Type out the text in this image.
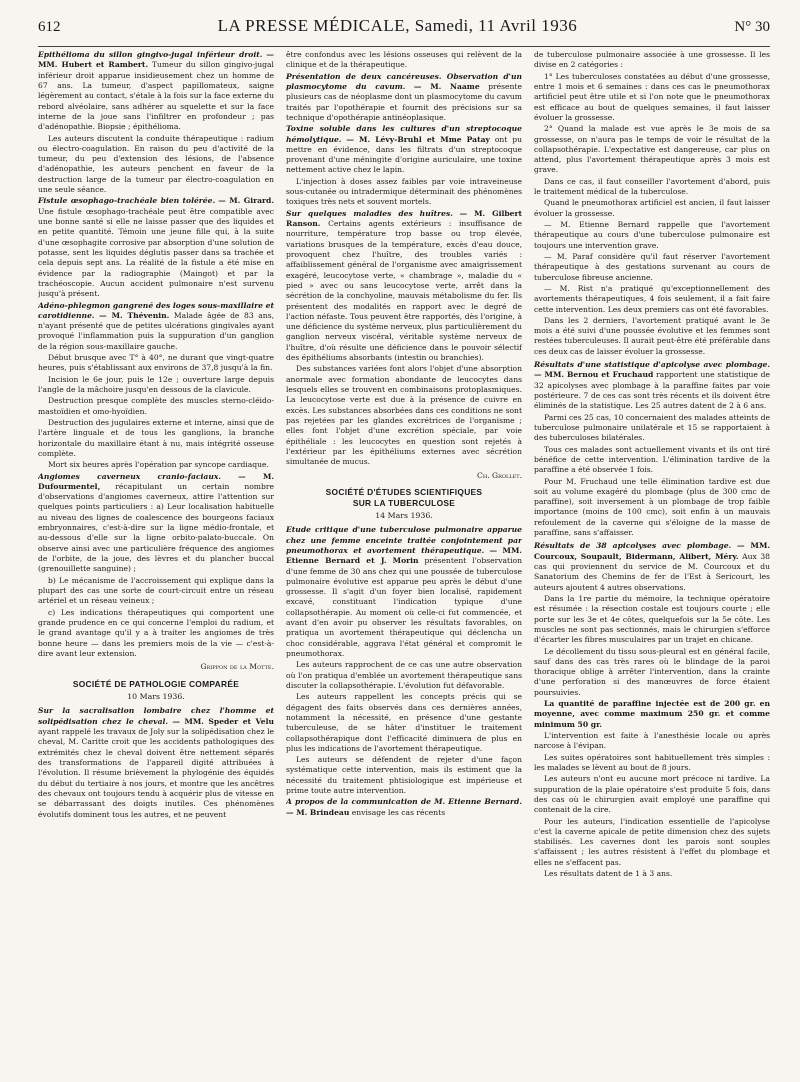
612	LA PRESSE MÉDICALE, Samedi, 11 Avril 1936	N° 30

Epithélioma du sillon gingivo-jugal inférieur droit. — MM. Hubert et Rambert. Tumeur du sillon gingivo-jugal inférieur droit apparue insidieusement chez un homme de 67 ans. La tumeur, d'aspect papillomateux, saigne légèrement au contact, s'étale à la fois sur la face externe du rebord alvéolaire, sans adhérer au squelette et sur la face interne de la joue sans l'infiltrer en profondeur ; pas d'adénopathie. Biopsie ; épithélioma.

Les auteurs discutent la conduite thérapeutique : radium ou électro-coagulation. En raison du peu d'activité de la tumeur, du peu d'extension des lésions, de l'absence d'adénopathie, les auteurs penchent en faveur de la destruction large de la tumeur par électro-coagulation en une seule séance.

Fistule œsophago-trachéale bien tolérée. — M. Girard. Une fistule œsophago-trachéale peut être compatible avec une bonne santé si elle ne laisse passer que des liquides et en petite quantité. Témoin une jeune fille qui, à la suite d'une œsophagite corrosive par absorption d'une solution de potasse, sent les liquides déglutis passer dans sa trachée et cela depuis sept ans. La réalité de la fistule a été mise en évidence par la radiographie (Maingot) et par la trachéoscopie. Aucun accident pulmonaire n'est survenu jusqu'à présent.

Adéno-phlegmon gangrené des loges sous-maxillaire et carotidienne. — M. Thévenin. Malade âgée de 83 ans, n'ayant présenté que de petites ulcérations gingivales ayant provoqué l'inflammation puis la suppuration d'un ganglion de la région sous-maxillaire gauche.

Début brusque avec T° à 40°, ne durant que vingt-quatre heures, puis s'établissant aux environs de 37,8 jusqu'à la fin.

Incision le 6e jour, puis le 12e ; ouverture large depuis l'angle de la mâchoire jusqu'en dessous de la clavicule.

Destruction presque complète des muscles sterno-cléido-mastoïdien et omo-hyoïdien.

Destruction des jugulaires externe et interne, ainsi que de l'artère linguale et de tous les ganglions, la branche horizontale du maxillaire étant à nu, mais intégrité osseuse complète.

Mort six heures après l'opération par syncope cardiaque.

Angiomes caverneux cranio-faciaux. — M. Dufourmentel, récapitulant un certain nombre d'observations d'angiomes caverneux, attire l'attention sur quelques points particuliers : a) Leur localisation habituelle au niveau des lignes de coalescence des bourgeons faciaux embryonnaires, c'est-à-dire sur la ligne médio-frontale, et au-dessous d'elle sur la ligne orbito-palato-buccale. On observe ainsi avec une particulière fréquence des angiomes de l'orbite, de la joue, des lèvres et du plancher buccal (grenouillette sanguine) ;

b) Le mécanisme de l'accroissement qui explique dans la plupart des cas une sorte de court-circuit entre un réseau artériel et un réseau veineux ;

c) Les indications thérapeutiques qui comportent une grande prudence en ce qui concerne l'emploi du radium, et le grand avantage qu'il y a à traiter les angiomes de très bonne heure — dans les premiers mois de la vie — c'est-à-dire avant leur extension.

Grippon de la Motte.
SOCIÉTÉ DE PATHOLOGIE COMPARÉE
10 Mars 1936.

Sur la sacralisation lombaire chez l'homme et solipédisation chez le cheval. — MM. Speder et Velu ayant rappelé les travaux de Joly sur la solipédisation chez le cheval, M. Caritte croit que les accidents pathologiques des extrémités chez le cheval doivent être nettement séparés des transformations de l'appareil digité attribuées à l'évolution. Il résume brièvement la phylogénie des équidés du début du tertiaire à nos jours, et montre que les ancêtres des chevaux ont toujours tendu à acquérir plus de vitesse en se débarrassant des doigts inutiles. Ces phénomènes évolutifs dominent tous les autres, et ne peuvent

être confondus avec les lésions osseuses qui relèvent de la clinique et de la thérapeutique.

Présentation de deux cancéreuses. Observation d'un plasmocytome du cavum. — M. Naame présente plusieurs cas de néoplasme dont un plasmocytome du cavum traités par l'opothérapie et fournit des précisions sur sa technique d'opothérapie antinéoplasique.

Toxine soluble dans les cultures d'un streptocoque hémolytique. — M. Lévy-Bruhl et Mme Patay ont pu mettre en évidence, dans les filtrats d'un streptocoque provenant d'une méningite d'origine auriculaire, une toxine nettement active chez le lapin.

L'injection à doses assez faibles par voie intraveineuse sous-cutanée ou intradermique déterminait des phénomènes toxiques très nets et souvent mortels.

Sur quelques maladies des huîtres. — M. Gilbert Ranson. Certains agents extérieurs : insuffisance de nourriture, température trop basse ou trop élevée, variations brusques de la température, excès d'eau douce, provoquent chez l'huître, des troubles variés : affaiblissement général de l'organisme avec amaigrissement exagéré, leucocytose verte, « chambrage », maladie du « pied » avec ou sans leucocytose verte, arrêt dans la sécrétion de la conchyoline, mauvais métabolisme du fer. Ils présentent des modalités en rapport avec le degré de l'action néfaste. Tous peuvent être rapportés, dès l'origine, à une déficience du système nerveux, plus particulièrement du ganglion nerveux viscéral, véritable système nerveux de l'huître, d'où résulte une déficience dans le pouvoir sélectif des épithéliums absorbants (intestin ou branchies).

Des substances variées font alors l'objet d'une absorption anormale avec formation abondante de leucocytes dans lesquels elles se trouvent en combinaisons protoplasmiques. La leucocytose verte est due à la présence de cuivre en excès. Les substances absorbées dans ces conditions ne sont pas rejetées par les glandes excrétrices de l'organisme ; elles font l'objet d'une excrétion spéciale, par voie épithéliale : les leucocytes en question sont rejetés à l'extérieur par les épithéliums externes avec sécrétion simultanée de mucus.

Ch. Grollet.
SOCIÉTÉ D'ÉTUDES SCIENTIFIQUES
SUR LA TUBERCULOSE
14 Mars 1936.

Etude critique d'une tuberculose pulmonaire apparue chez une femme enceinte traitée conjointement par pneumothorax et avortement thérapeutique. — MM. Etienne Bernard et J. Morin présentent l'observation d'une femme de 30 ans chez qui une poussée de tuberculose pulmonaire évolutive est apparue peu après le début d'une grossesse. Il s'agit d'un foyer bien localisé, rapidement excavé, constituant l'indication typique d'une collapsothérapie. Au moment où celle-ci fut commencée, et avant d'en avoir pu observer les résultats favorables, on pratiqua un avortement thérapeutique qui déclencha un choc considérable, aggrava l'état général et compromit le pneumothorax.

Les auteurs rapprochent de ce cas une autre observation où l'on pratiqua d'emblée un avortement thérapeutique sans discuter la collapsothérapie. L'évolution fut défavorable.

Les auteurs rappellent les concepts précis qui se dégagent des faits observés dans ces dernières années, notamment la nécessité, en présence d'une gestante tuberculeuse, de se hâter d'instituer le traitement collapsothérapique dont l'efficacité diminuera de plus en plus les indications de l'avortement thérapeutique.

Les auteurs se défendent de rejeter d'une façon systématique cette intervention, mais ils estiment que la nécessité du traitement phtisiologique est impérieuse et prime toute autre intervention.

A propos de la communication de M. Etienne Bernard. — M. Brindeau envisage les cas récents

de tuberculose pulmonaire associée à une grossesse. Il les divise en 2 catégories :

1° Les tuberculoses constatées au début d'une grossesse, entre 1 mois et 6 semaines : dans ces cas le pneumothorax artificiel peut être utile et si l'on note que le pneumothorax est efficace au bout de quelques semaines, il faut laisser évoluer la grossesse.

2° Quand la malade est vue après le 3e mois de sa grossesse, on n'aura pas le temps de voir le résultat de la collapsothérapie. L'expectative est dangereuse, car plus on attend, plus l'avortement thérapeutique après 3 mois est grave.

Dans ce cas, il faut conseiller l'avortement d'abord, puis le traitement médical de la tuberculose.

Quand le pneumothorax artificiel est ancien, il faut laisser évoluer la grossesse.

— M. Etienne Bernard rappelle que l'avortement thérapeutique au cours d'une tuberculose pulmonaire est toujours une intervention grave.

— M. Paraf considère qu'il faut réserver l'avortement thérapeutique à des gestations survenant au cours de tuberculose fibreuse ancienne.

— M. Rist n'a pratiqué qu'exceptionnellement des avortements thérapeutiques, 4 fois seulement, il a fait faire cette intervention. Les deux premiers cas ont été favorables.

Dans les 2 derniers, l'avortement pratiqué avant le 3e mois a été suivi d'une poussée évolutive et les femmes sont restées tuberculeuses. Il aurait peut-être été préférable dans ces deux cas de laisser évoluer la grossesse.

Résultats d'une statistique d'apicolyse avec plombage. — MM. Bernou et Fruchaud rapportent une statistique de 32 apicolyses avec plombage à la paraffine faites par voie postérieure. 7 de ces cas sont très récents et ils doivent être éliminés de la statistique. Les 25 autres datent de 2 à 6 ans.

Parmi ces 25 cas, 10 concernaient des malades atteints de tuberculose pulmonaire unilatérale et 15 se rapportaient à des tuberculoses bilatérales.

Tous ces malades sont actuellement vivants et ils ont tiré bénéfice de cette intervention. L'élimination tardive de la paraffine a été observée 1 fois.

Pour M. Fruchaud une telle élimination tardive est due soit au volume exagéré du plombage (plus de 300 cmc de paraffine), soit inversement à un plombage de trop faible importance (moins de 100 cmc), soit enfin à un mauvais refoulement de la caverne qui s'éloigne de la masse de paraffine, sans s'affaisser.

Résultats de 38 apicolyses avec plombage. — MM. Courcoux, Soupault, Bidermann, Alibert, Méry. Aux 38 cas qui proviennent du service de M. Courcoux et du Sanatorium des Chemins de fer de l'Est à Sericourt, les auteurs ajoutent 4 autres observations.

Dans la 1re partie du mémoire, la technique opératoire est résumée : la résection costale est toujours courte ; elle porte sur les 3e et 4e côtes, quelquefois sur la 5e côte. Les muscles ne sont pas sectionnés, mais le chirurgien s'efforce d'écarter les fibres musculaires par un trajet en chicane.

Le décollement du tissu sous-pleural est en général facile, sauf dans des cas très rares où le blindage de la paroi thoracique oblige à arrêter l'intervention, dans la crainte d'une perforation si des manœuvres de force étaient poursuivies.

La quantité de paraffine injectée est de 200 gr. en moyenne, avec comme maximum 250 gr. et comme minimum 50 gr.

L'intervention est faite à l'anesthésie locale ou après narcose à l'évipan.

Les suites opératoires sont habituellement très simples : les malades se lèvent au bout de 8 jours.

Les auteurs n'ont eu aucune mort précoce ni tardive. La suppuration de la plaie opératoire s'est produite 5 fois, dans des cas où le chirurgien avait employé une paraffine qui contenait de la cire.

Pour les auteurs, l'indication essentielle de l'apicolyse c'est la caverne apicale de petite dimension chez des sujets stabilisés. Les cavernes dont les parois sont souples s'affaissent ; les autres résistent à l'effet du plombage et elles ne s'effacent pas.

Les résultats datent de 1 à 3 ans.
